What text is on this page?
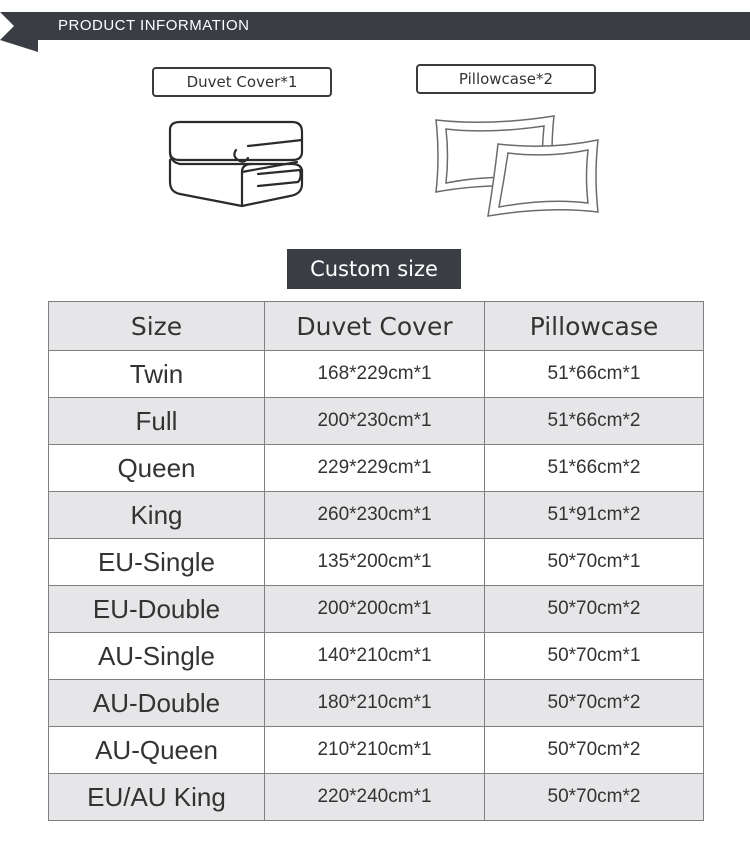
PRODUCT INFORMATION
Duvet Cover*1	Pillowcase*2
Custom size
Size	Duvet Cover	Pillowcase
Twin	168*229cm*1	51*66cm*1
Full	200*230cm*1	51*66cm*2
Queen	229*229cm*1	51*66cm*2
King	260*230cm*1	51*91cm*2
EU-Single	135*200cm*1	50*70cm*1
EU-Double	200*200cm*1	50*70cm*2
AU-Single	140*210cm*1	50*70cm*1
AU-Double	180*210cm*1	50*70cm*2
AU-Queen	210*210cm*1	50*70cm*2
EU/AU King	220*240cm*1	50*70cm*2
